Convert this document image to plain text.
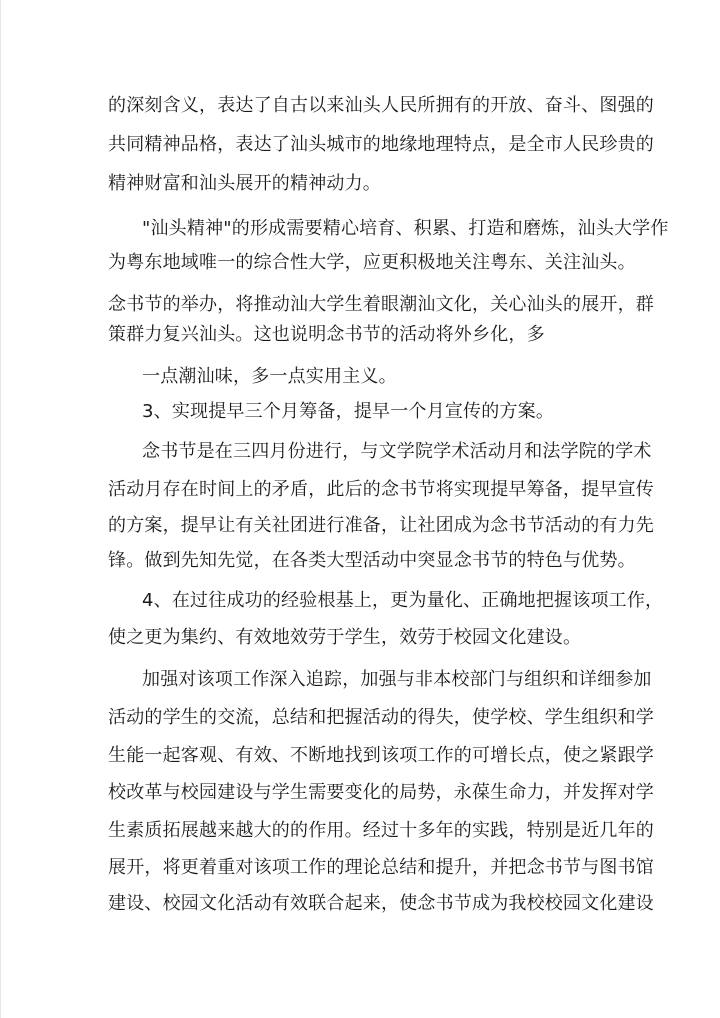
的深刻含义，表达了自古以来汕头人民所拥有的开放、奋斗、图强的
共同精神品格，表达了汕头城市的地缘地理特点，是全市人民珍贵的
精神财富和汕头展开的精神动力。
"汕头精神"的形成需要精心培育、积累、打造和磨炼，汕头大学作
为粤东地域唯一的综合性大学，应更积极地关注粤东、关注汕头。
念书节的举办，将推动汕大学生着眼潮汕文化，关心汕头的展开，群
策群力复兴汕头。这也说明念书节的活动将外乡化，多
一点潮汕味，多一点实用主义。
3、实现提早三个月筹备，提早一个月宣传的方案。
念书节是在三四月份进行，与文学院学术活动月和法学院的学术
活动月存在时间上的矛盾，此后的念书节将实现提早筹备，提早宣传
的方案，提早让有关社团进行准备，让社团成为念书节活动的有力先
锋。做到先知先觉，在各类大型活动中突显念书节的特色与优势。
4、在过往成功的经验根基上，更为量化、正确地把握该项工作，
使之更为集约、有效地效劳于学生，效劳于校园文化建设。
加强对该项工作深入追踪，加强与非本校部门与组织和详细参加
活动的学生的交流，总结和把握活动的得失，使学校、学生组织和学
生能一起客观、有效、不断地找到该项工作的可增长点，使之紧跟学
校改革与校园建设与学生需要变化的局势，永葆生命力，并发挥对学
生素质拓展越来越大的的作用。经过十多年的实践，特别是近几年的
展开，将更着重对该项工作的理论总结和提升，并把念书节与图书馆
建设、校园文化活动有效联合起来，使念书节成为我校校园文化建设
